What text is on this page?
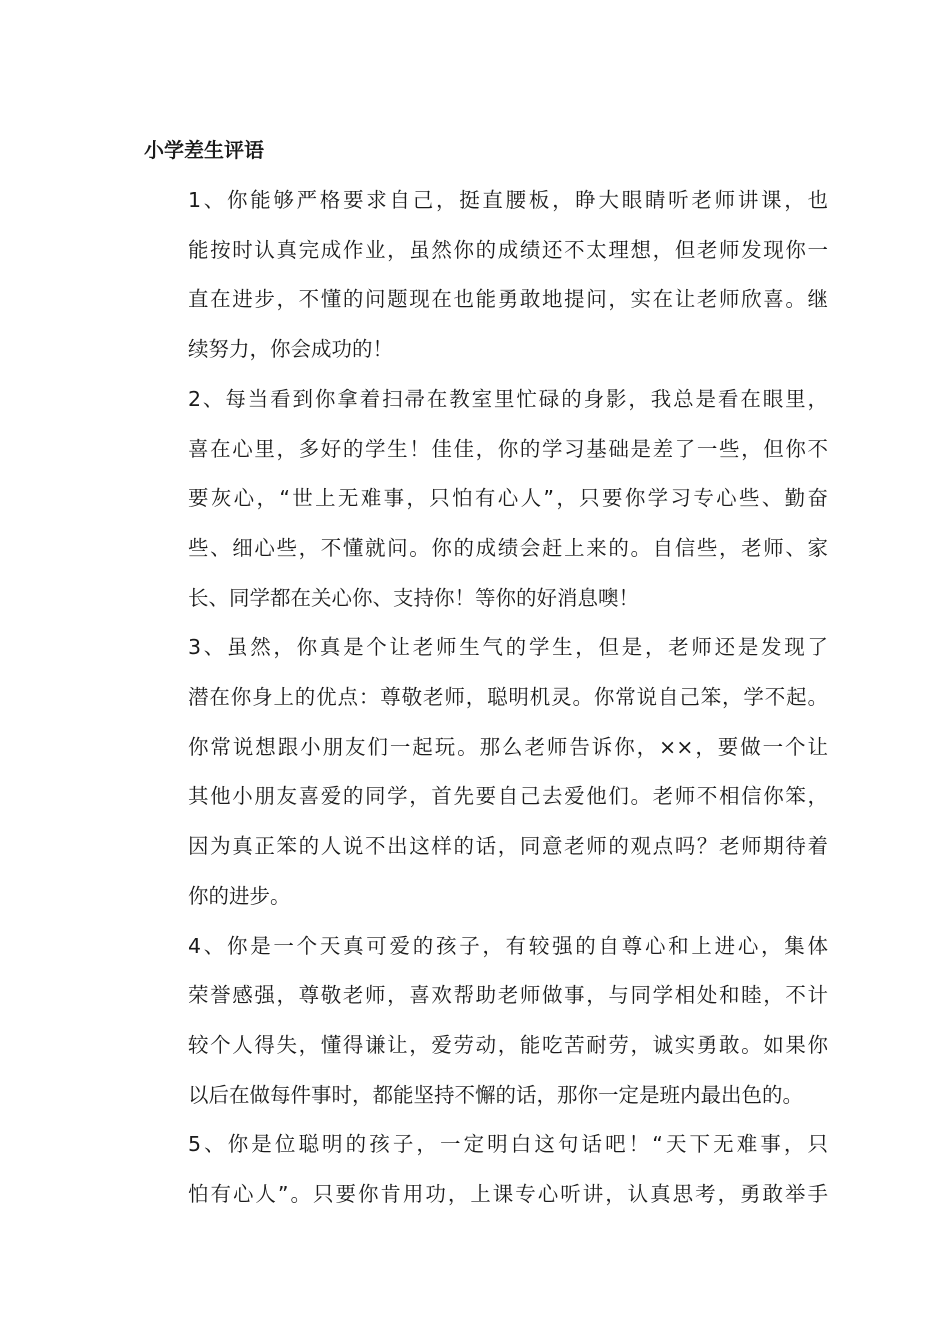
小学差生评语

1、你能够严格要求自己，挺直腰板，睁大眼睛听老师讲课，也
能按时认真完成作业，虽然你的成绩还不太理想，但老师发现你一
直在进步，不懂的问题现在也能勇敢地提问，实在让老师欣喜。继
续努力，你会成功的！

2、每当看到你拿着扫帚在教室里忙碌的身影，我总是看在眼里，
喜在心里，多好的学生！佳佳，你的学习基础是差了一些，但你不
要灰心，“世上无难事，只怕有心人”，只要你学习专心些、勤奋
些、细心些，不懂就问。你的成绩会赶上来的。自信些，老师、家
长、同学都在关心你、支持你！等你的好消息噢！

3、虽然，你真是个让老师生气的学生，但是，老师还是发现了
潜在你身上的优点：尊敬老师，聪明机灵。你常说自己笨，学不起。
你常说想跟小朋友们一起玩。那么老师告诉你，××，要做一个让
其他小朋友喜爱的同学，首先要自己去爱他们。老师不相信你笨，
因为真正笨的人说不出这样的话，同意老师的观点吗？老师期待着
你的进步。

4、你是一个天真可爱的孩子，有较强的自尊心和上进心，集体
荣誉感强，尊敬老师，喜欢帮助老师做事，与同学相处和睦，不计
较个人得失，懂得谦让，爱劳动，能吃苦耐劳，诚实勇敢。如果你
以后在做每件事时，都能坚持不懈的话，那你一定是班内最出色的。

5、你是位聪明的孩子，一定明白这句话吧！“天下无难事，只
怕有心人”。只要你肯用功，上课专心听讲，认真思考，勇敢举手
